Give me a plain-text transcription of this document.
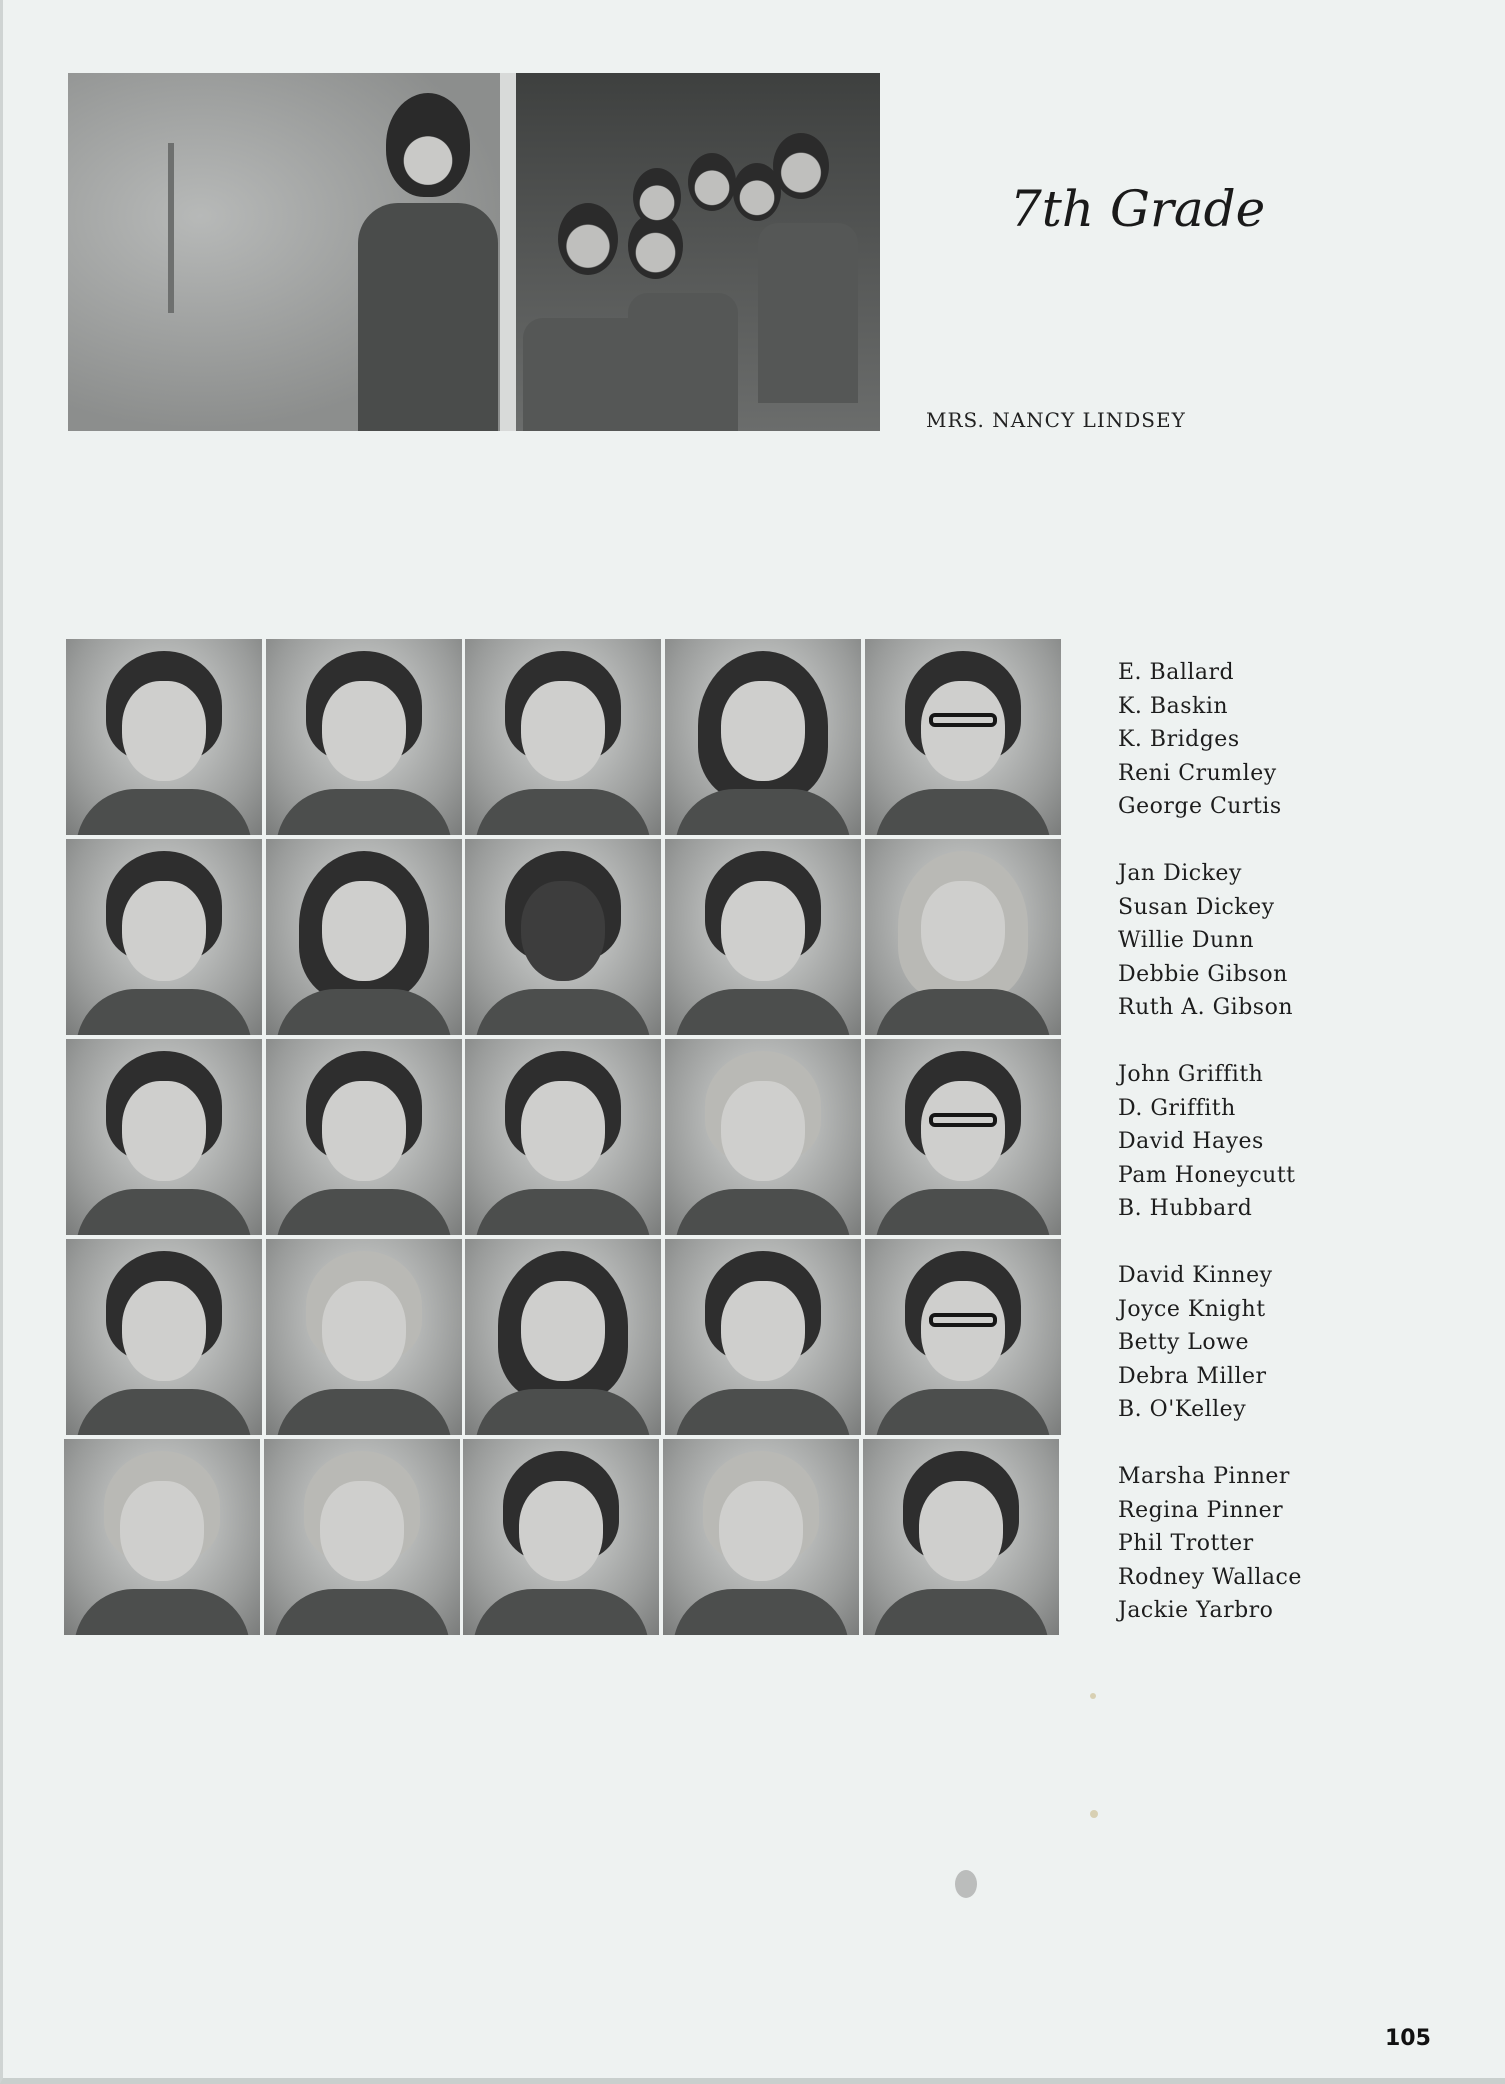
7th Grade
MRS. NANCY LINDSEY
E. Ballard
K. Baskin
K. Bridges
Reni Crumley
George Curtis
Jan Dickey
Susan Dickey
Willie Dunn
Debbie Gibson
Ruth A. Gibson
John Griffith
D. Griffith
David Hayes
Pam Honeycutt
B. Hubbard
David Kinney
Joyce Knight
Betty Lowe
Debra Miller
B. O'Kelley
Marsha Pinner
Regina Pinner
Phil Trotter
Rodney Wallace
Jackie Yarbro
105
